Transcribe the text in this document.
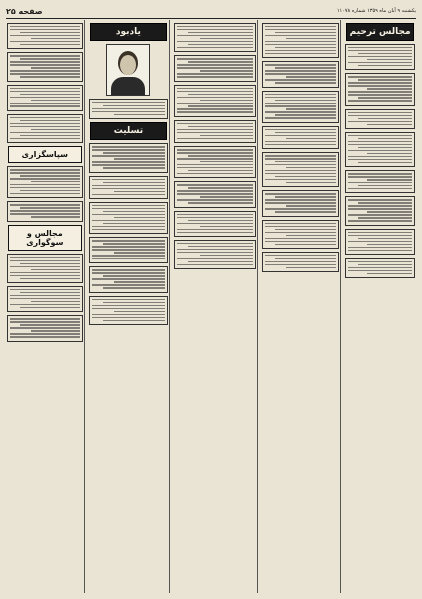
یکشنبه ۹ آبان ماه ۱۳۵۹ شماره ۱۱۰۷۸
صفحه ۲۵
مجالس ترحیم
یادبود
تسلیت
سپاسگزاری
مجالس و سوگواری
